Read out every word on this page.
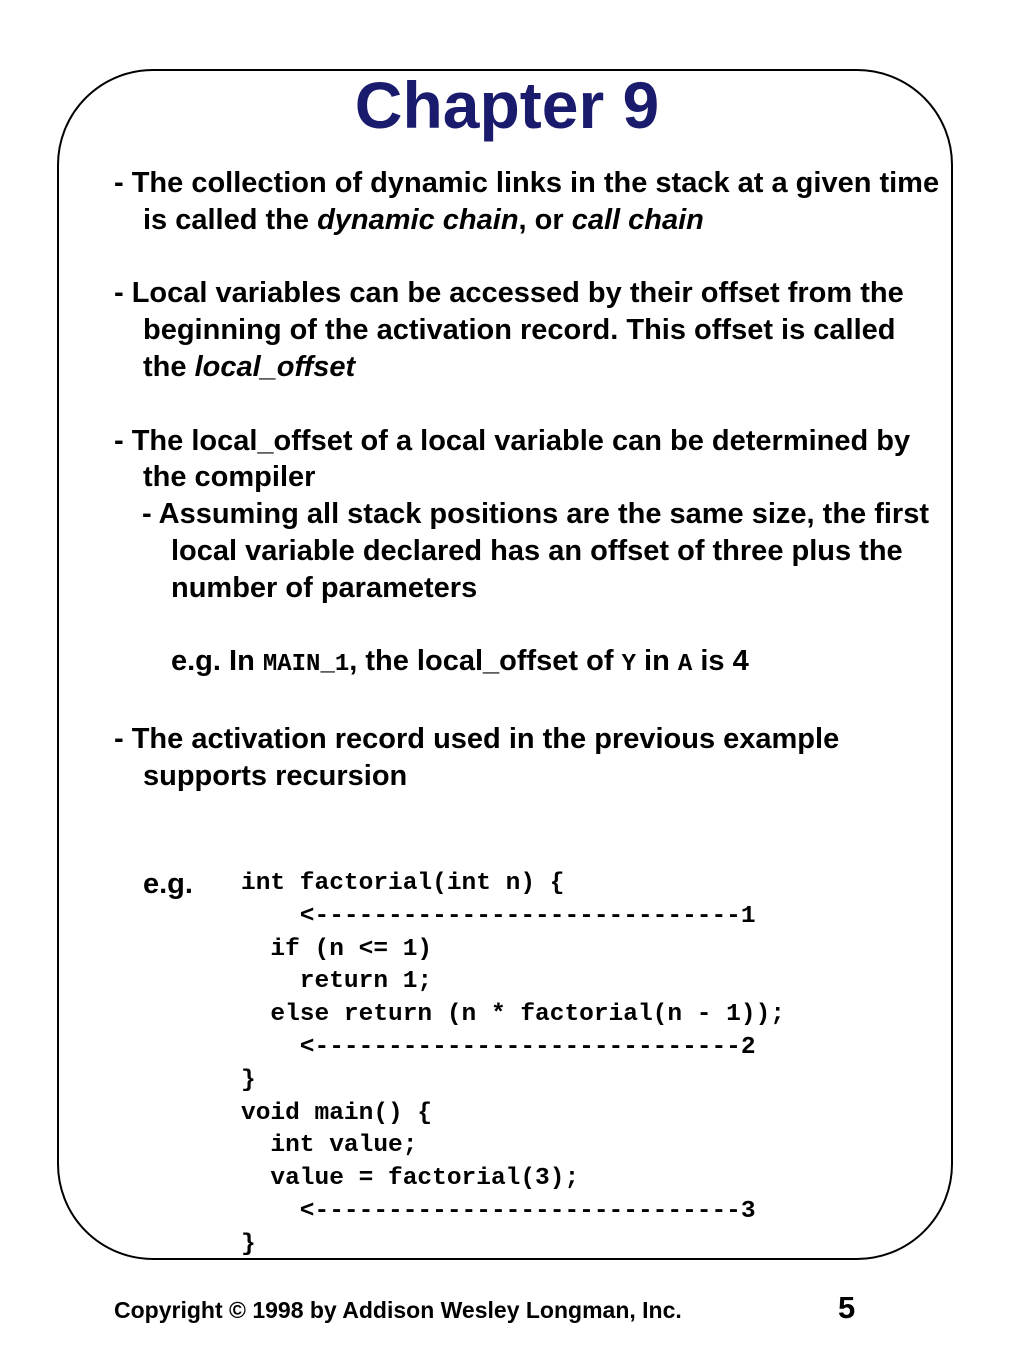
Chapter 9

- The collection of dynamic links in the stack at a given time is called the dynamic chain, or call chain

- Local variables can be accessed by their offset from the beginning of the activation record. This offset is called the local_offset

- The local_offset of a local variable can be determined by the compiler

- Assuming all stack positions are the same size, the first local variable declared has an offset of three plus the number of parameters

e.g. In MAIN_1, the local_offset of Y in A is 4

- The activation record used in the previous example supports recursion

e.g. int factorial(int n) {
<-----------------------------1
if (n <= 1)
return 1;
else return (n * factorial(n - 1));
<-----------------------------2
}
void main() {
int value;
value = factorial(3);
<-----------------------------3
}
Copyright © 1998 by Addison Wesley Longman, Inc.	5
